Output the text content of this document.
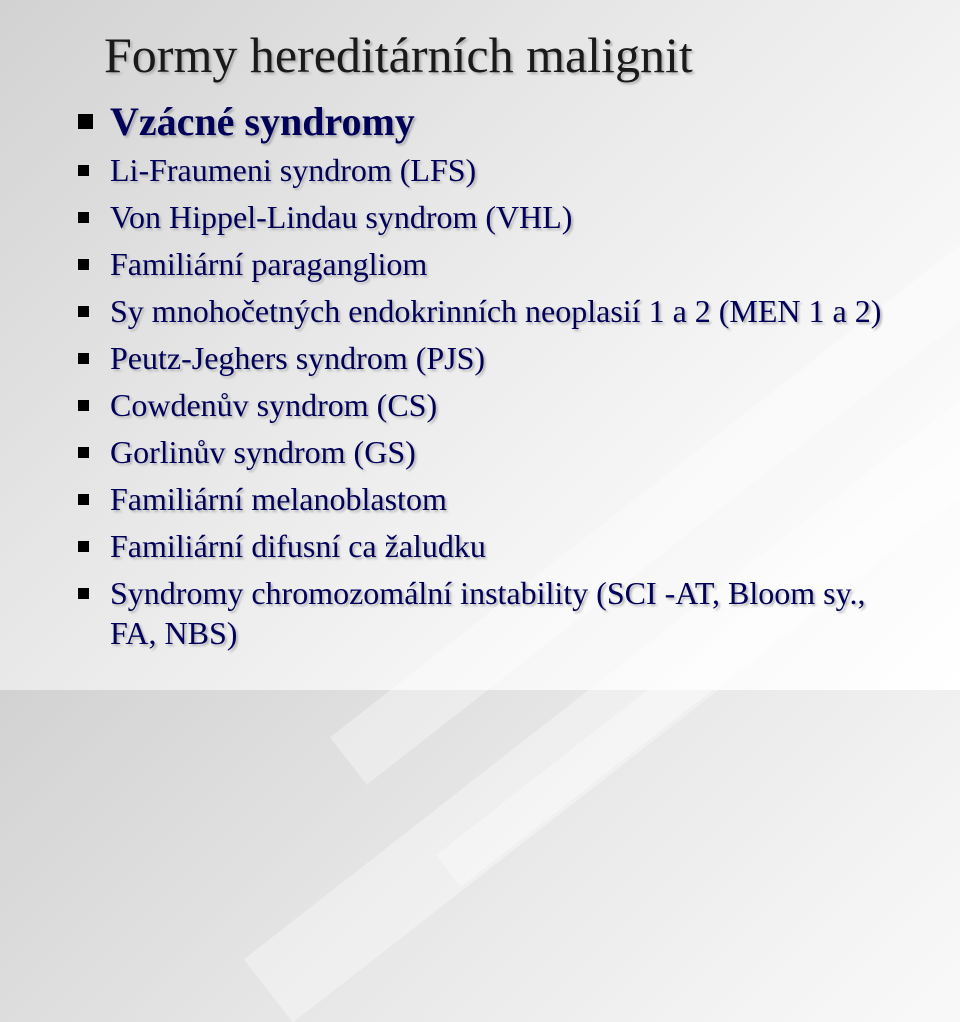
Formy hereditárních malignit
Vzácné syndromy
Li-Fraumeni syndrom (LFS)
Von Hippel-Lindau syndrom (VHL)
Familiární paragangliom
Sy mnohočetných endokrinních neoplasií 1 a 2 (MEN 1 a 2)
Peutz-Jeghers syndrom (PJS)
Cowdenův syndrom (CS)
Gorlinův syndrom (GS)
Familiární melanoblastom
Familiární difusní ca žaludku
Syndromy chromozomální instability (SCI -AT, Bloom sy., FA, NBS)
